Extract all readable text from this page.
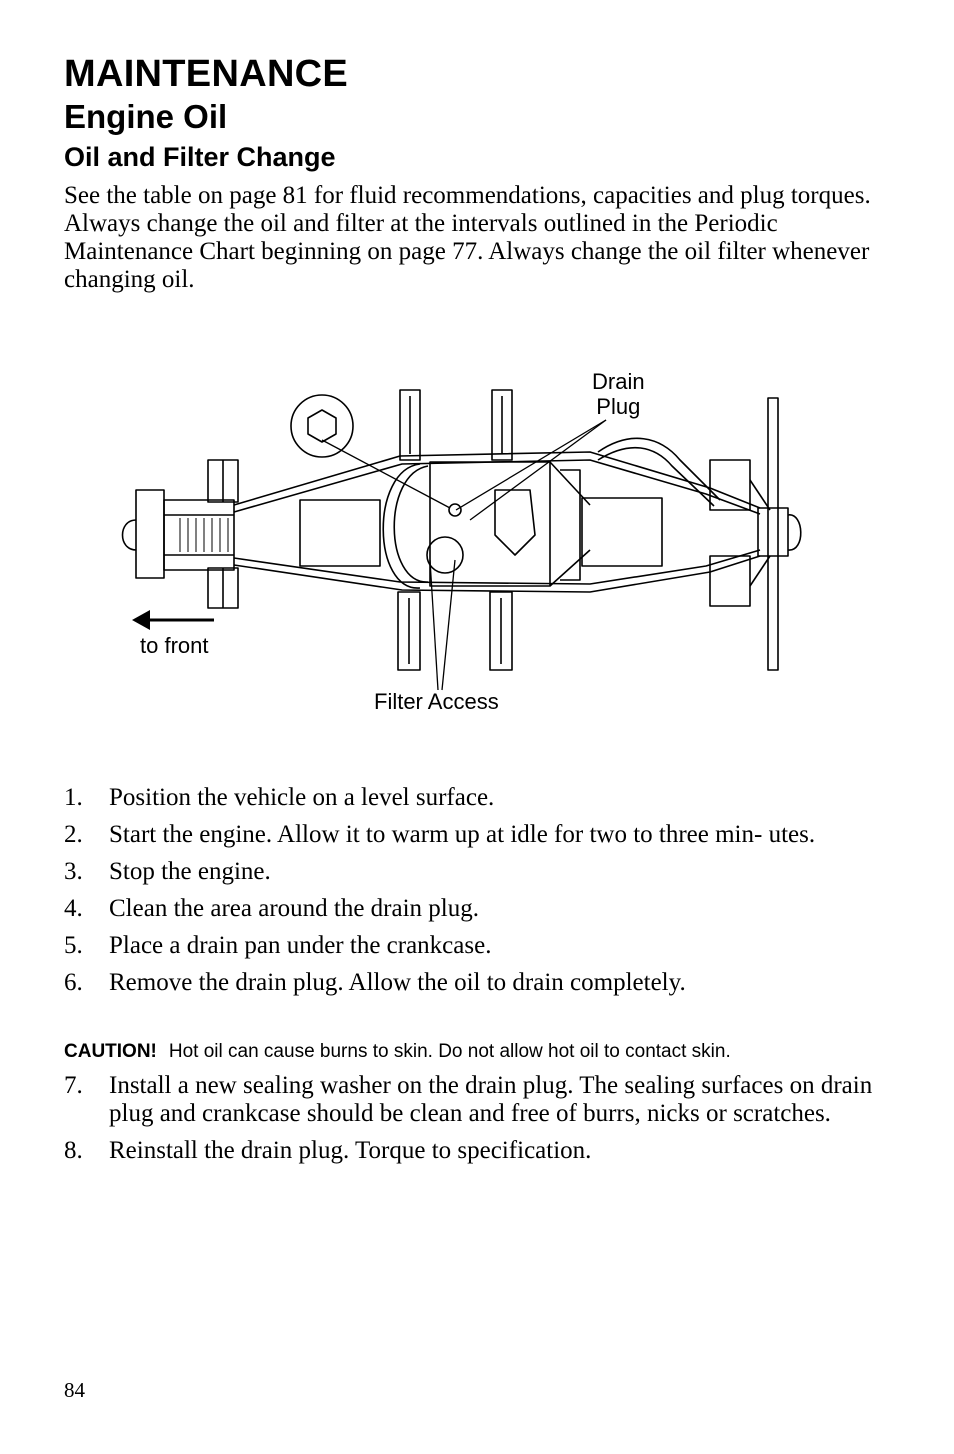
MAINTENANCE
Engine Oil
Oil and Filter Change
See the table on page 81 for fluid recommendations, capacities and plug torques. Always change the oil and filter at the intervals outlined in the Periodic Maintenance Chart beginning on page 77. Always change the oil filter whenever changing oil.
Drain
Plug
to front
Filter Access
1.	Position the vehicle on a level surface.
2.	Start the engine. Allow it to warm up at idle for two to three min- utes.
3.	Stop the engine.
4.	Clean the area around the drain plug.
5.	Place a drain pan under the crankcase.
6.	Remove the drain plug. Allow the oil to drain completely.
CAUTION! Hot oil can cause burns to skin. Do not allow hot oil to contact skin.
7.	Install a new sealing washer on the drain plug. The sealing surfaces on drain plug and crankcase should be clean and free of burrs, nicks or scratches.
8.	Reinstall the drain plug. Torque to specification.
84
